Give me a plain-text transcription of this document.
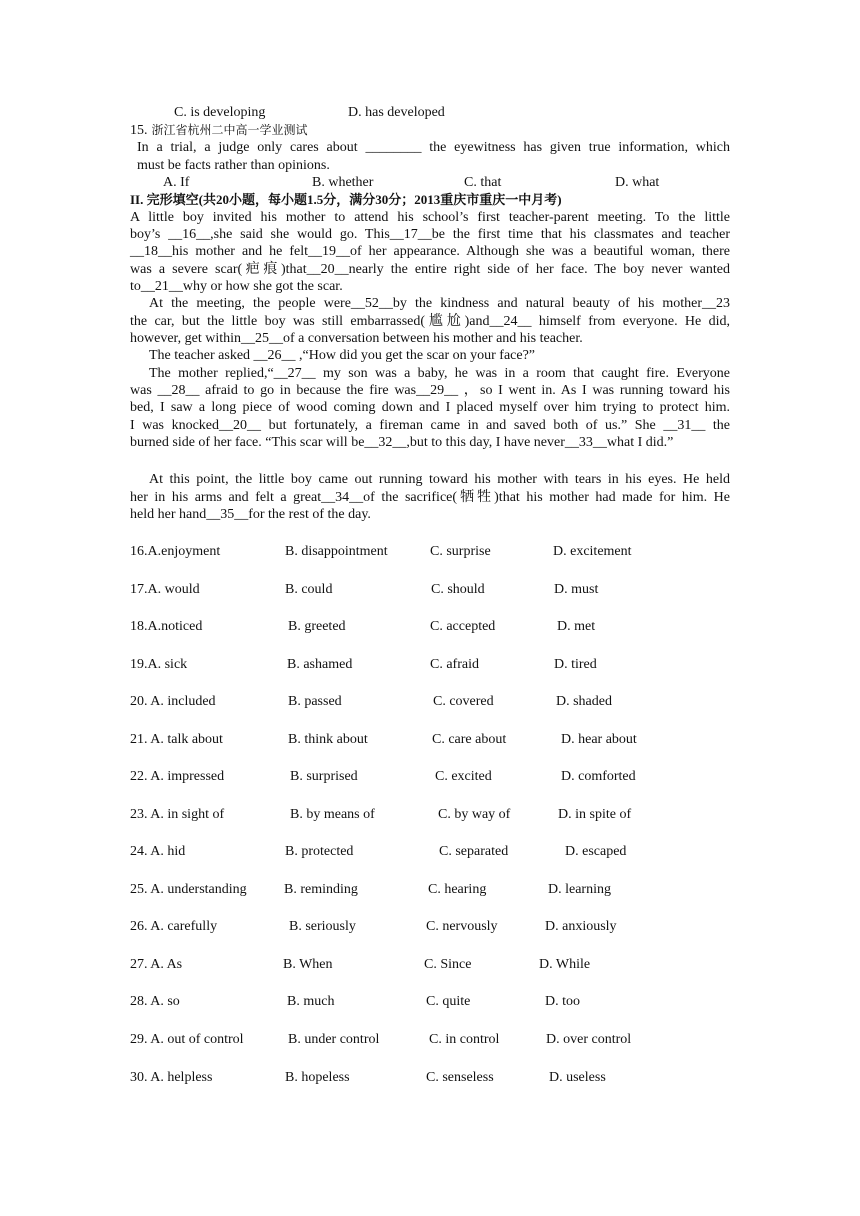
C. is developing	D. has developed
15. 浙江省杭州二中高一学业测试
In a trial, a judge only cares about ________ the eyewitness has given true information, which
must be facts rather than opinions.
A. If	B. whether	C. that	D. what
II. 完形填空(共20小题，每小题1.5分，满分30分；2013重庆市重庆一中月考)
A little boy invited his mother to attend his school’s first teacher-parent meeting. To the little
boy’s __16__,she said she would go. This__17__be the first time that his classmates and teacher
__18__his mother and he felt__19__of her appearance. Although she was a beautiful woman, there
was a severe scar(疤痕)that__20__nearly the entire right side of her face. The boy never wanted
to__21__why or how she got the scar.
At the meeting, the people were__52__by the kindness and natural beauty of his mother__23
the car, but the little boy was still embarrassed(尴尬)and__24__ himself from everyone. He did,
however, get within__25__of a conversation between his mother and his teacher.
The teacher asked __26__ ,“How did you get the scar on your face?”
The mother replied,“__27__ my son was a baby, he was in a room that caught fire. Everyone
was __28__ afraid to go in because the fire was__29__ ，so I went in. As I was running toward his
bed, I saw a long piece of wood coming down and I placed myself over him trying to protect him.
I was knocked__20__ but fortunately, a fireman came in and saved both of us.” She __31__ the
burned side of her face. “This scar will be__32__,but to this day, I have never__33__what I did.”
At this point, the little boy came out running toward his mother with tears in his eyes. He held
her in his arms and felt a great__34__of the sacrifice(牺牲)that his mother had made for him. He
held her hand__35__for the rest of the day.
16.A.enjoyment	B. disappointment	C. surprise	D. excitement
17.A. would	B. could	C. should	D. must
18.A.noticed	B. greeted	C. accepted	D. met
19.A. sick	B. ashamed	C. afraid	D. tired
20. A. included	B. passed	C. covered	D. shaded
21. A. talk about	B. think about	C. care about	D. hear about
22. A. impressed	B. surprised	C. excited	D. comforted
23. A. in sight of	B. by means of	C. by way of	D. in spite of
24. A. hid	B. protected	C. separated	D. escaped
25. A. understanding	B. reminding	C. hearing	D. learning
26. A. carefully	B. seriously	C. nervously	D. anxiously
27. A. As	B. When	C. Since	D. While
28. A. so	B. much	C. quite	D. too
29. A. out of control	B. under control	C. in control	D. over control
30. A. helpless	B. hopeless	C. senseless	D. useless
